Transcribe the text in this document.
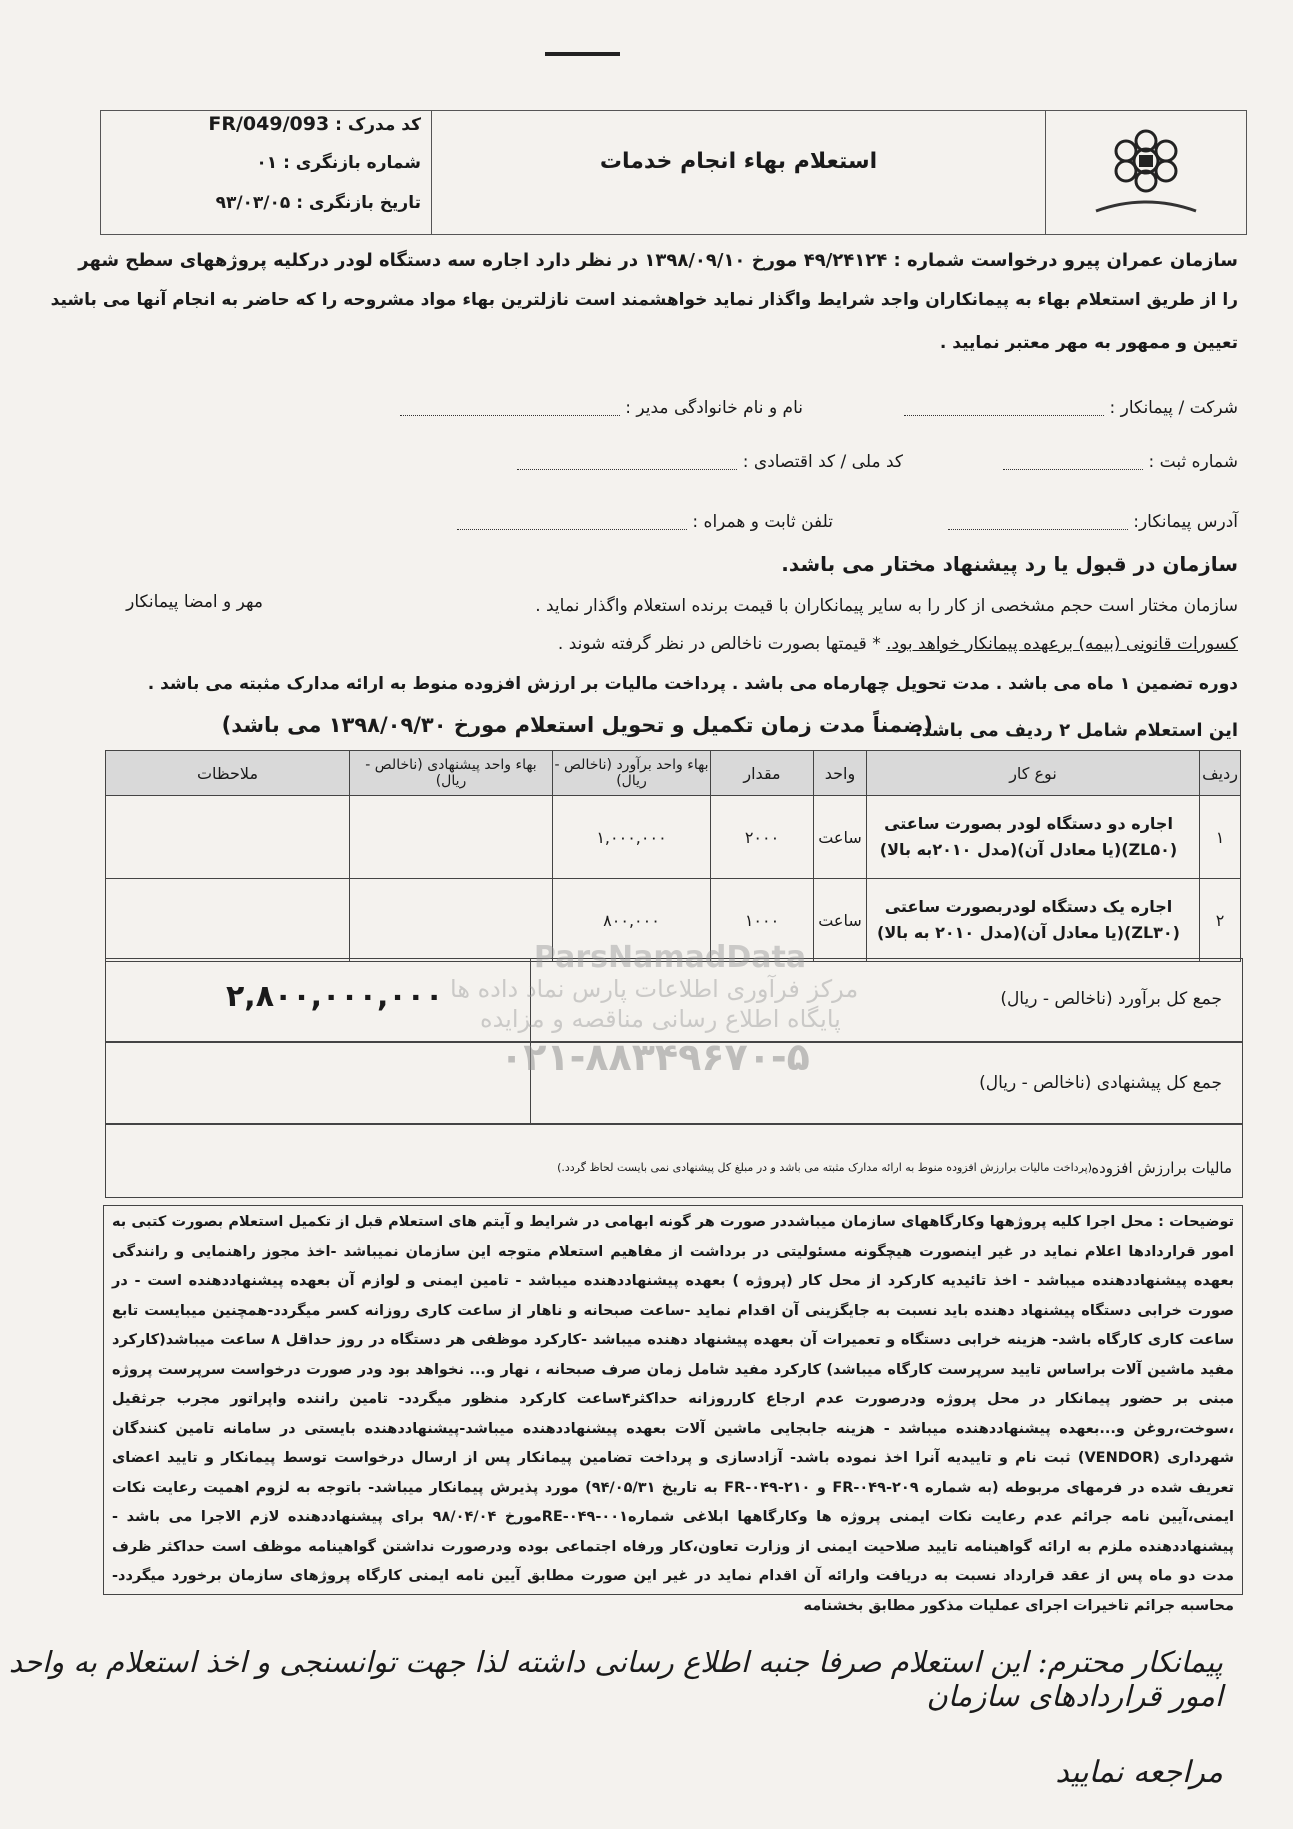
استعلام بهاء انجام خدمات
کد مدرک : FR/049/093
شماره بازنگری : ۰۱
تاریخ بازنگری : ۹۳/۰۳/۰۵
سازمان عمران پیرو درخواست شماره : ۴۹/۲۴۱۲۴ مورخ ۱۳۹۸/۰۹/۱۰ در نظر دارد اجاره سه دستگاه لودر درکلیه پروژههای سطح شهر
را از طریق استعلام بهاء به پیمانکاران واجد شرایط واگذار نماید خواهشمند است نازلترین بهاء مواد مشروحه را که حاضر به انجام آنها می باشید
تعیین و ممهور به مهر معتبر نمایید .
شرکت / پیمانکار :
نام و نام خانوادگی مدیر :
شماره ثبت :
کد ملی / کد اقتصادی :
آدرس پیمانکار:
تلفن ثابت و همراه :
سازمان در قبول یا رد پیشنهاد مختار می باشد.
سازمان مختار است حجم مشخصی از کار را به سایر پیمانکاران با قیمت برنده استعلام واگذار نماید .
مهر و امضا پیمانکار
کسورات قانونی (بیمه) برعهده پیمانکار خواهد بود. * قیمتها بصورت ناخالص در نظر گرفته شوند .
دوره تضمین ۱ ماه می باشد . مدت تحویل چهارماه می باشد . پرداخت مالیات بر ارزش افزوده منوط به ارائه مدارک مثبته می باشد .
این استعلام شامل ۲ ردیف می باشد.
(ضمناً مدت زمان تکمیل و تحویل استعلام مورخ ۱۳۹۸/۰۹/۳۰ می باشد)
ردیف	نوع کار	واحد	مقدار	بهاء واحد برآورد (ناخالص - ریال)	بهاء واحد پیشنهادی (ناخالص - ریال)	ملاحظات
۱	اجاره دو دستگاه لودر بصورت ساعتی
(ZL۵۰)(یا معادل آن)(مدل ۲۰۱۰به بالا)	ساعت	۲۰۰۰	۱,۰۰۰,۰۰۰		
۲	اجاره یک دستگاه لودربصورت ساعتی
(ZL۳۰)(یا معادل آن)(مدل ۲۰۱۰ به بالا)	ساعت	۱۰۰۰	۸۰۰,۰۰۰		
جمع کل برآورد (ناخالص - ریال)
۲,۸۰۰,۰۰۰,۰۰۰
جمع کل پیشنهادی (ناخالص - ریال)
مالیات برارزش افزوده
(پرداخت مالیات برارزش افزوده منوط به ارائه مدارک مثبته می باشد و در مبلغ کل پیشنهادی نمی بایست لحاظ گردد.)
توضیحات : محل اجرا کلیه پروژهها وکارگاههای سازمان میباشددر صورت هر گونه ابهامی در شرایط و آیتم های استعلام قبل از تکمیل استعلام بصورت کتبی به امور قراردادها اعلام نماید در غیر اینصورت هیچگونه مسئولیتی در برداشت از مفاهیم استعلام متوجه این سازمان نمیباشد -اخذ مجوز راهنمایی و رانندگی بعهده پیشنهاددهنده میباشد - اخذ تائیدیه کارکرد از محل کار (پروژه ) بعهده پیشنهاددهنده میباشد - تامین ایمنی و لوازم آن بعهده پیشنهاددهنده است - در صورت خرابی دستگاه پیشنهاد دهنده باید نسبت به جایگزینی آن اقدام نماید -ساعت صبحانه و ناهار از ساعت کاری روزانه کسر میگردد-همچنین میبایست تابع ساعت کاری کارگاه باشد- هزینه خرابی دستگاه و تعمیرات آن بعهده پیشنهاد دهنده میباشد -کارکرد موظفی هر دستگاه در روز حداقل ۸ ساعت میباشد(کارکرد مفید ماشین آلات براساس تایید سرپرست کارگاه میباشد) کارکرد مفید شامل زمان صرف صبحانه ، نهار و... نخواهد بود ودر صورت درخواست سرپرست پروژه مبنی بر حضور پیمانکار در محل پروژه ودرصورت عدم ارجاع کارروزانه حداکثر۴ساعت کارکرد منظور میگردد- تامین راننده واپراتور مجرب جرثقیل ،سوخت،روغن و...بعهده پیشنهاددهنده میباشد - هزینه جابجایی ماشین آلات بعهده پیشنهاددهنده میباشد-پیشنهاددهنده بایستی در سامانه تامین کنندگان شهرداری (VENDOR) ثبت نام و تاییدیه آنرا اخذ نموده باشد- آزادسازی و پرداخت تضامین پیمانکار پس از ارسال درخواست توسط پیمانکار و تایید اعضای تعریف شده در فرمهای مربوطه (به شماره ۲۰۹-۰۴۹-FR و ۲۱۰-۰۴۹-FR به تاریخ ۹۴/۰۵/۳۱) مورد پذیرش پیمانکار میباشد- باتوجه به لزوم اهمیت رعایت نکات ایمنی،آیین نامه جرائم عدم رعایت نکات ایمنی پروژه ها وکارگاهها ابلاغی شماره۰۰۱-RE-۰۴۹مورخ ۹۸/۰۴/۰۴ برای پیشنهاددهنده لازم الاجرا می باشد - پیشنهاددهنده ملزم به ارائه گواهینامه تایید صلاحیت ایمنی از وزارت تعاون،کار ورفاه اجتماعی بوده ودرصورت نداشتن گواهینامه موظف است حداکثر ظرف مدت دو ماه پس از عقد قرارداد نسبت به دریافت وارائه آن اقدام نماید در غیر این صورت مطابق آیین نامه ایمنی کارگاه پروژهای سازمان برخورد میگردد- محاسبه جرائم تاخیرات اجرای عملیات مذکور مطابق بخشنامه
پیمانکار محترم: این استعلام صرفا جنبه اطلاع رسانی داشته لذا جهت توانسنجی و اخذ استعلام به واحد امور قراردادهای سازمان
مراجعه نمایید
ParsNamadData
مرکز فرآوری اطلاعات پارس نماد داده ها
پایگاه اطلاع رسانی مناقصه و مزایده
۰۲۱-۸۸۳۴۹۶۷۰-۵
